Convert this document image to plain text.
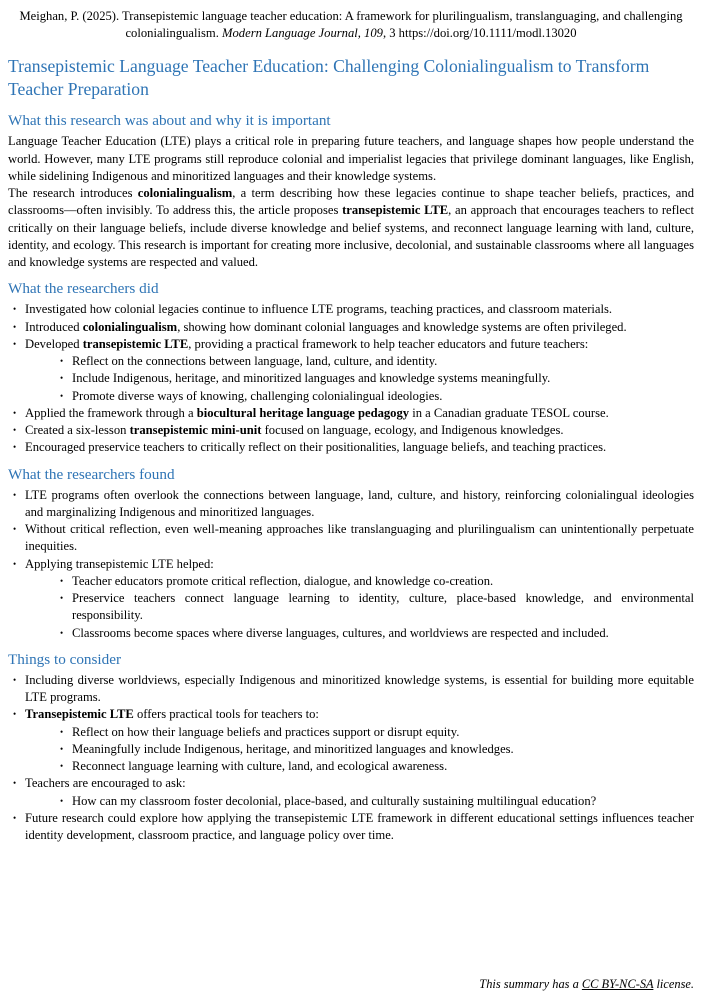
Meighan, P. (2025). Transepistemic language teacher education: A framework for plurilingualism, translanguaging, and challenging colonialingualism. Modern Language Journal, 109, 3 https://doi.org/10.1111/modl.13020

Transepistemic Language Teacher Education: Challenging Colonialingualism to Transform Teacher Preparation
What this research was about and why it is important

Language Teacher Education (LTE) plays a critical role in preparing future teachers, and language shapes how people understand the world. However, many LTE programs still reproduce colonial and imperialist legacies that privilege dominant languages, like English, while sidelining Indigenous and minoritized languages and their knowledge systems.

The research introduces colonialingualism, a term describing how these legacies continue to shape teacher beliefs, practices, and classrooms—often invisibly. To address this, the article proposes transepistemic LTE, an approach that encourages teachers to reflect critically on their language beliefs, include diverse knowledge and belief systems, and reconnect language learning with land, culture, identity, and ecology. This research is important for creating more inclusive, decolonial, and sustainable classrooms where all languages and knowledge systems are respected and valued.

What the researchers did
• Investigated how colonial legacies continue to influence LTE programs, teaching practices, and classroom materials.
• Introduced colonialingualism, showing how dominant colonial languages and knowledge systems are often privileged.
• Developed transepistemic LTE, providing a practical framework to help teacher educators and future teachers:
• Reflect on the connections between language, land, culture, and identity.
• Include Indigenous, heritage, and minoritized languages and knowledge systems meaningfully.
• Promote diverse ways of knowing, challenging colonialingual ideologies.
• Applied the framework through a biocultural heritage language pedagogy in a Canadian graduate TESOL course.
• Created a six-lesson transepistemic mini-unit focused on language, ecology, and Indigenous knowledges.
• Encouraged preservice teachers to critically reflect on their positionalities, language beliefs, and teaching practices.
What the researchers found
• LTE programs often overlook the connections between language, land, culture, and history, reinforcing colonialingual ideologies and marginalizing Indigenous and minoritized languages.
• Without critical reflection, even well-meaning approaches like translanguaging and plurilingualism can unintentionally perpetuate inequities.
• Applying transepistemic LTE helped:
• Teacher educators promote critical reflection, dialogue, and knowledge co-creation.
• Preservice teachers connect language learning to identity, culture, place-based knowledge, and environmental responsibility.
• Classrooms become spaces where diverse languages, cultures, and worldviews are respected and included.
Things to consider
• Including diverse worldviews, especially Indigenous and minoritized knowledge systems, is essential for building more equitable LTE programs.
• Transepistemic LTE offers practical tools for teachers to:
• Reflect on how their language beliefs and practices support or disrupt equity.
• Meaningfully include Indigenous, heritage, and minoritized languages and knowledges.
• Reconnect language learning with culture, land, and ecological awareness.
• Teachers are encouraged to ask:
• How can my classroom foster decolonial, place-based, and culturally sustaining multilingual education?
• Future research could explore how applying the transepistemic LTE framework in different educational settings influences teacher identity development, classroom practice, and language policy over time.

This summary has a CC BY-NC-SA license.
